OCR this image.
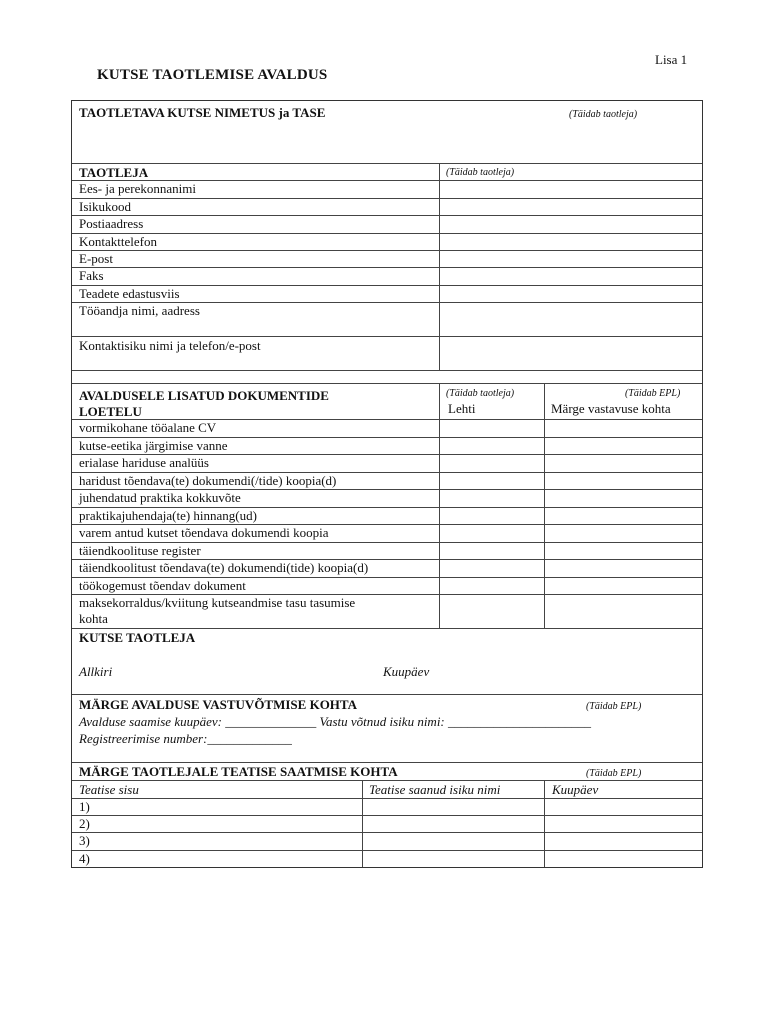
Lisa 1
KUTSE TAOTLEMISE AVALDUS
TAOTLETAVA KUTSE NIMETUS ja TASE	(Täidab taotleja)
TAOTLEJA	(Täidab taotleja)
Ees- ja perekonnanimi
Isikukood
Postiaadress
Kontakttelefon
E-post
Faks
Teadete edastusviis
Tööandja nimi, aadress
Kontaktisiku nimi ja telefon/e-post
AVALDUSELE LISATUD DOKUMENTIDE
LOETELU
(Täidab taotleja)	(Täidab EPL)
Lehti	Märge vastavuse kohta
vormikohane tööalane CV
kutse-eetika järgimise vanne
erialase hariduse analüüs
haridust tõendava(te) dokumendi(/tide) koopia(d)
juhendatud praktika kokkuvõte
praktikajuhendaja(te) hinnang(ud)
varem antud kutset tõendava dokumendi koopia
täiendkoolituse register
täiendkoolitust tõendava(te) dokumendi(tide) koopia(d)
töökogemust tõendav dokument
maksekorraldus/kviitung kutseandmise tasu tasumise
kohta
KUTSE TAOTLEJA
Allkiri	Kuupäev
MÄRGE AVALDUSE VASTUVÕTMISE KOHTA	(Täidab EPL)
Avalduse saamise kuupäev: ______________ Vastu võtnud isiku nimi: ______________________
Registreerimise number:_____________
MÄRGE TAOTLEJALE TEATISE SAATMISE KOHTA	(Täidab EPL)
Teatise sisu	Teatise saanud isiku nimi	Kuupäev
1)
2)
3)
4)
